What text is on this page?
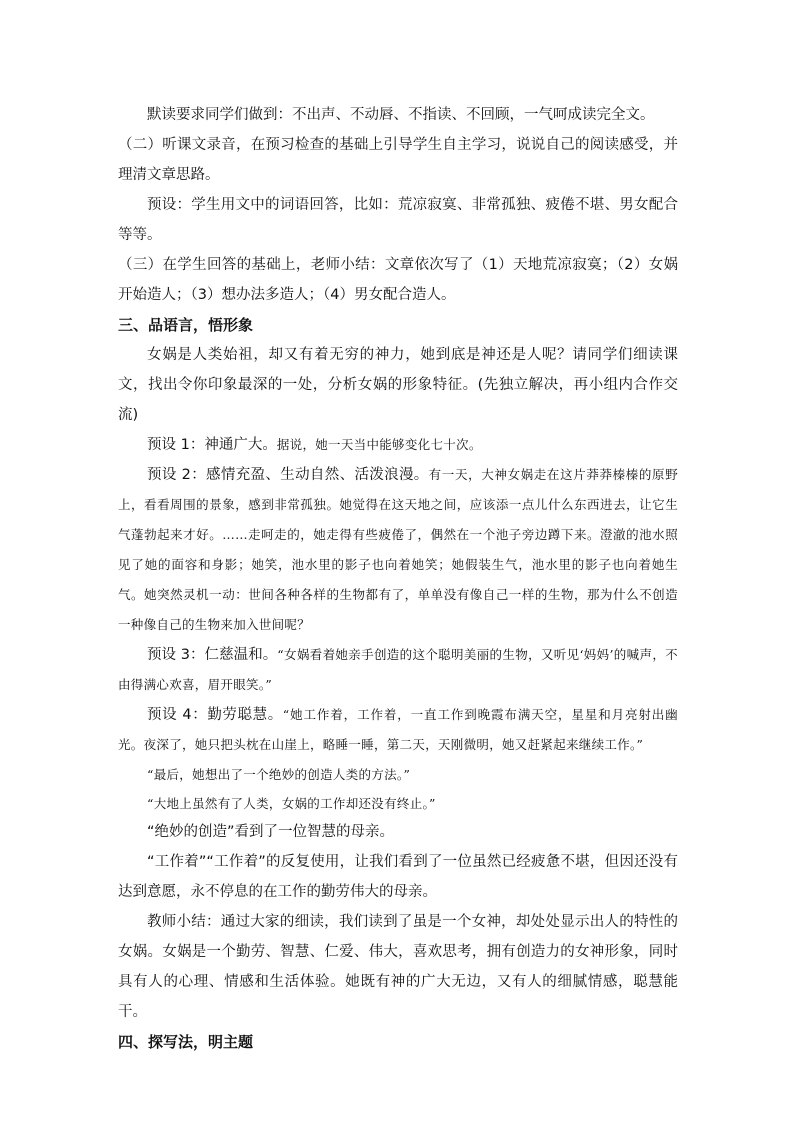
默读要求同学们做到：不出声、不动唇、不指读、不回顾，一气呵成读完全文。

（二）听课文录音，在预习检查的基础上引导学生自主学习，说说自己的阅读感受，并理清文章思路。

预设：学生用文中的词语回答，比如：荒凉寂寞、非常孤独、疲倦不堪、男女配合等等。

（三）在学生回答的基础上，老师小结：文章依次写了（1）天地荒凉寂寞；（2）女娲开始造人；（3）想办法多造人；（4）男女配合造人。

三、品语言，悟形象

女娲是人类始祖，却又有着无穷的神力，她到底是神还是人呢？请同学们细读课文，找出令你印象最深的一处，分析女娲的形象特征。(先独立解决，再小组内合作交流)

预设 1：神通广大。据说，她一天当中能够变化七十次。

预设 2：感情充盈、生动自然、活泼浪漫。有一天，大神女娲走在这片莽莽榛榛的原野上，看看周围的景象，感到非常孤独。她觉得在这天地之间，应该添一点儿什么东西进去，让它生气蓬勃起来才好。……走呵走的，她走得有些疲倦了，偶然在一个池子旁边蹲下来。澄澈的池水照见了她的面容和身影；她笑，池水里的影子也向着她笑；她假装生气，池水里的影子也向着她生气。她突然灵机一动：世间各种各样的生物都有了，单单没有像自己一样的生物，那为什么不创造一种像自己的生物来加入世间呢？

预设 3：仁慈温和。“女娲看着她亲手创造的这个聪明美丽的生物，又听见‘妈妈’的喊声，不由得满心欢喜，眉开眼笑。”

预设 4：勤劳聪慧。“她工作着，工作着，一直工作到晚霞布满天空，星星和月亮射出幽光。夜深了，她只把头枕在山崖上，略睡一睡，第二天，天刚微明，她又赶紧起来继续工作。”

“最后，她想出了一个绝妙的创造人类的方法。”

“大地上虽然有了人类，女娲的工作却还没有终止。”

“绝妙的创造”看到了一位智慧的母亲。

“工作着”“工作着”的反复使用，让我们看到了一位虽然已经疲惫不堪，但因还没有达到意愿，永不停息的在工作的勤劳伟大的母亲。

教师小结：通过大家的细读，我们读到了虽是一个女神，却处处显示出人的特性的女娲。女娲是一个勤劳、智慧、仁爱、伟大，喜欢思考，拥有创造力的女神形象，同时具有人的心理、情感和生活体验。她既有神的广大无边，又有人的细腻情感，聪慧能干。

四、探写法，明主题
